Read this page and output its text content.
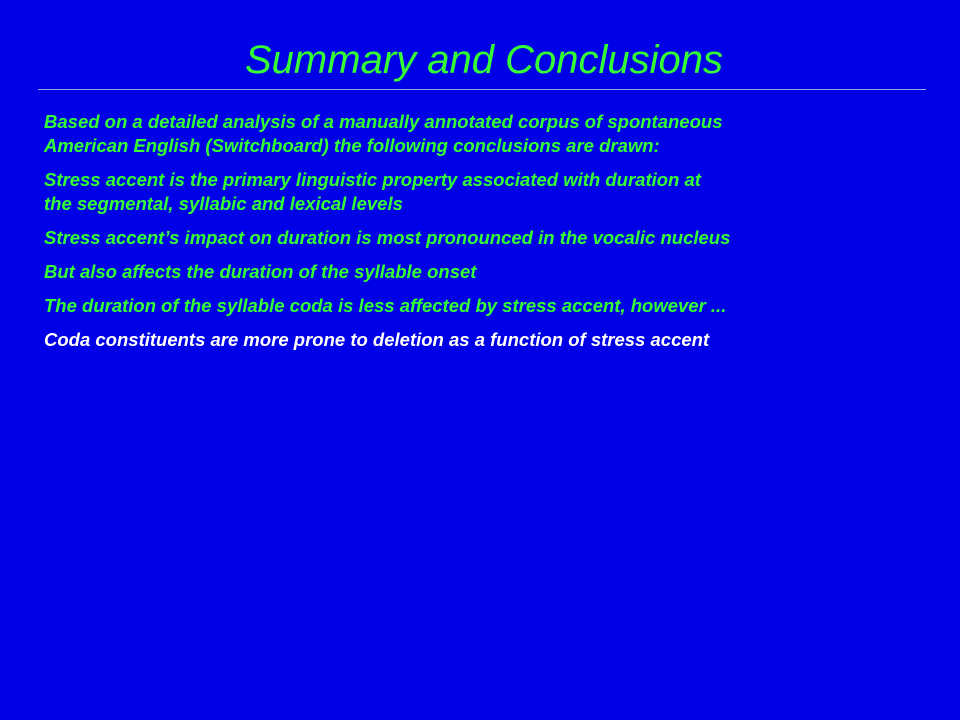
Summary and Conclusions
Based on a detailed analysis of a manually annotated corpus of spontaneous
American English (Switchboard) the following conclusions are drawn:
Stress accent is the primary linguistic property associated with duration at
the segmental, syllabic and lexical levels
Stress accent’s impact on duration is most pronounced in the vocalic nucleus
But also affects the duration of the syllable onset
The duration of the syllable coda is less affected by stress accent, however ...
Coda constituents are more prone to deletion as a function of stress accent
